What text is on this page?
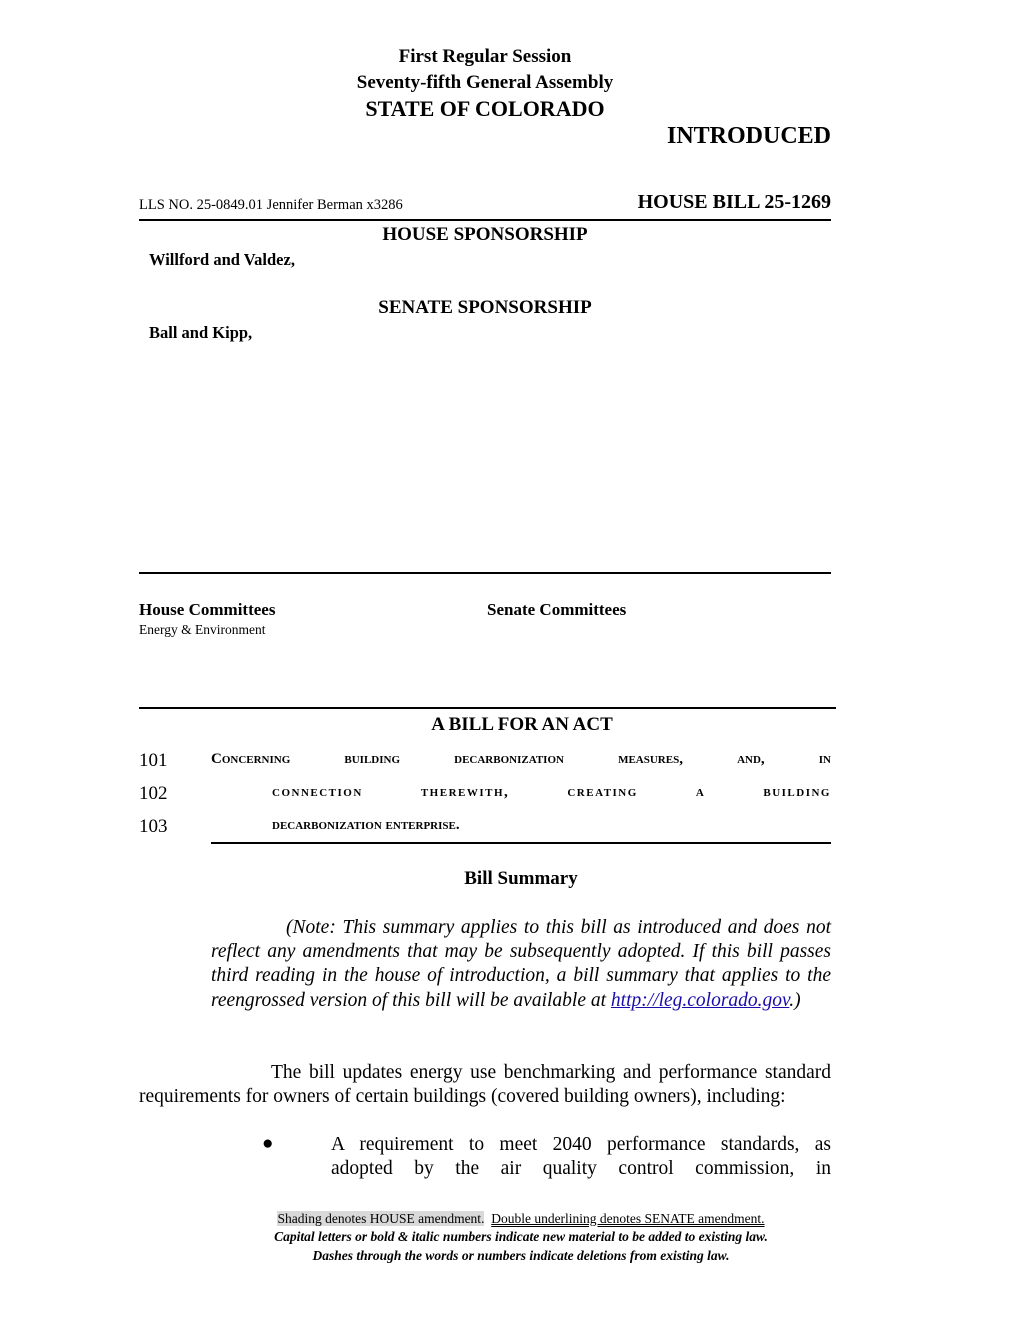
First Regular Session
Seventy-fifth General Assembly
STATE OF COLORADO
INTRODUCED
LLS NO. 25-0849.01 Jennifer Berman x3286	HOUSE BILL 25-1269
HOUSE SPONSORSHIP
Willford and Valdez,
SENATE SPONSORSHIP
Ball and Kipp,
House Committees
Energy & Environment
Senate Committees
A BILL FOR AN ACT
101	Concerning building decarbonization measures, and, in
102	connection therewith, creating a building
103	decarbonization enterprise.
Bill Summary
(Note: This summary applies to this bill as introduced and does not reflect any amendments that may be subsequently adopted. If this bill passes third reading in the house of introduction, a bill summary that applies to the reengrossed version of this bill will be available at http://leg.colorado.gov.)
The bill updates energy use benchmarking and performance standard requirements for owners of certain buildings (covered building owners), including:
●	A requirement to meet 2040 performance standards, as
adopted by the air quality control commission, in
Shading denotes HOUSE amendment. Double underlining denotes SENATE amendment.
Capital letters or bold & italic numbers indicate new material to be added to existing law.
Dashes through the words or numbers indicate deletions from existing law.
